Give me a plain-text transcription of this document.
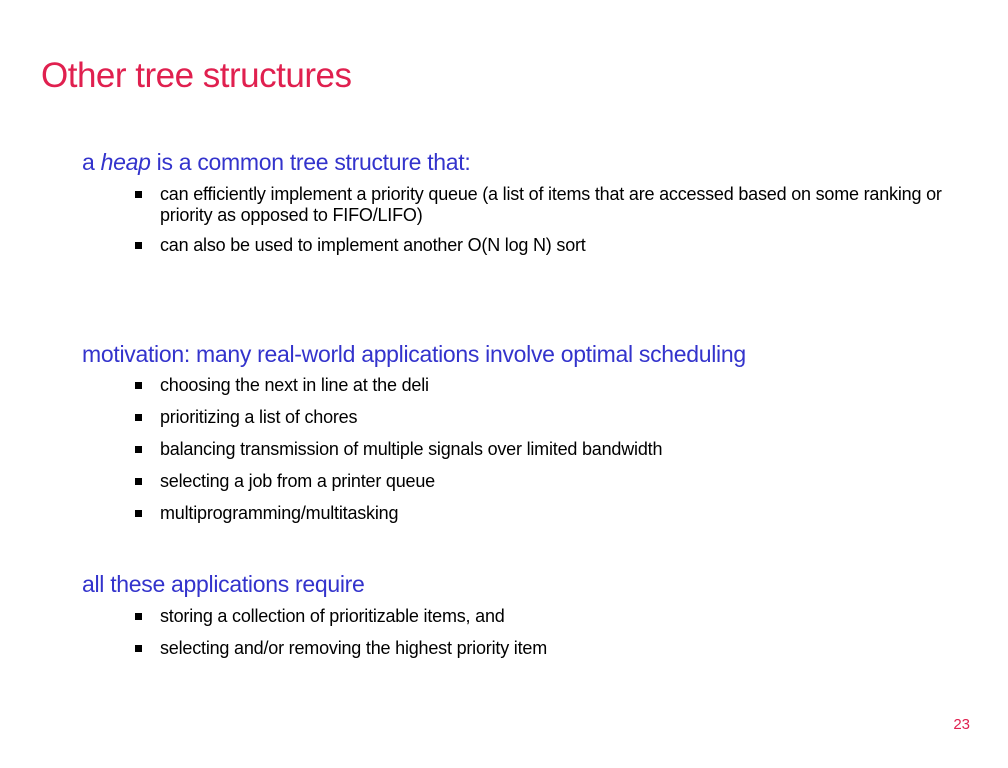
Other tree structures

a heap is a common tree structure that:

can efficiently implement a priority queue (a list of items that are accessed based on some ranking or priority as opposed to FIFO/LIFO)
can also be used to implement another O(N log N) sort

motivation: many real-world applications involve optimal scheduling

choosing the next in line at the deli
prioritizing a list of chores
balancing transmission of multiple signals over limited bandwidth
selecting a job from a printer queue
multiprogramming/multitasking

all these applications require

storing a collection of prioritizable items, and
selecting and/or removing the highest priority item
23
